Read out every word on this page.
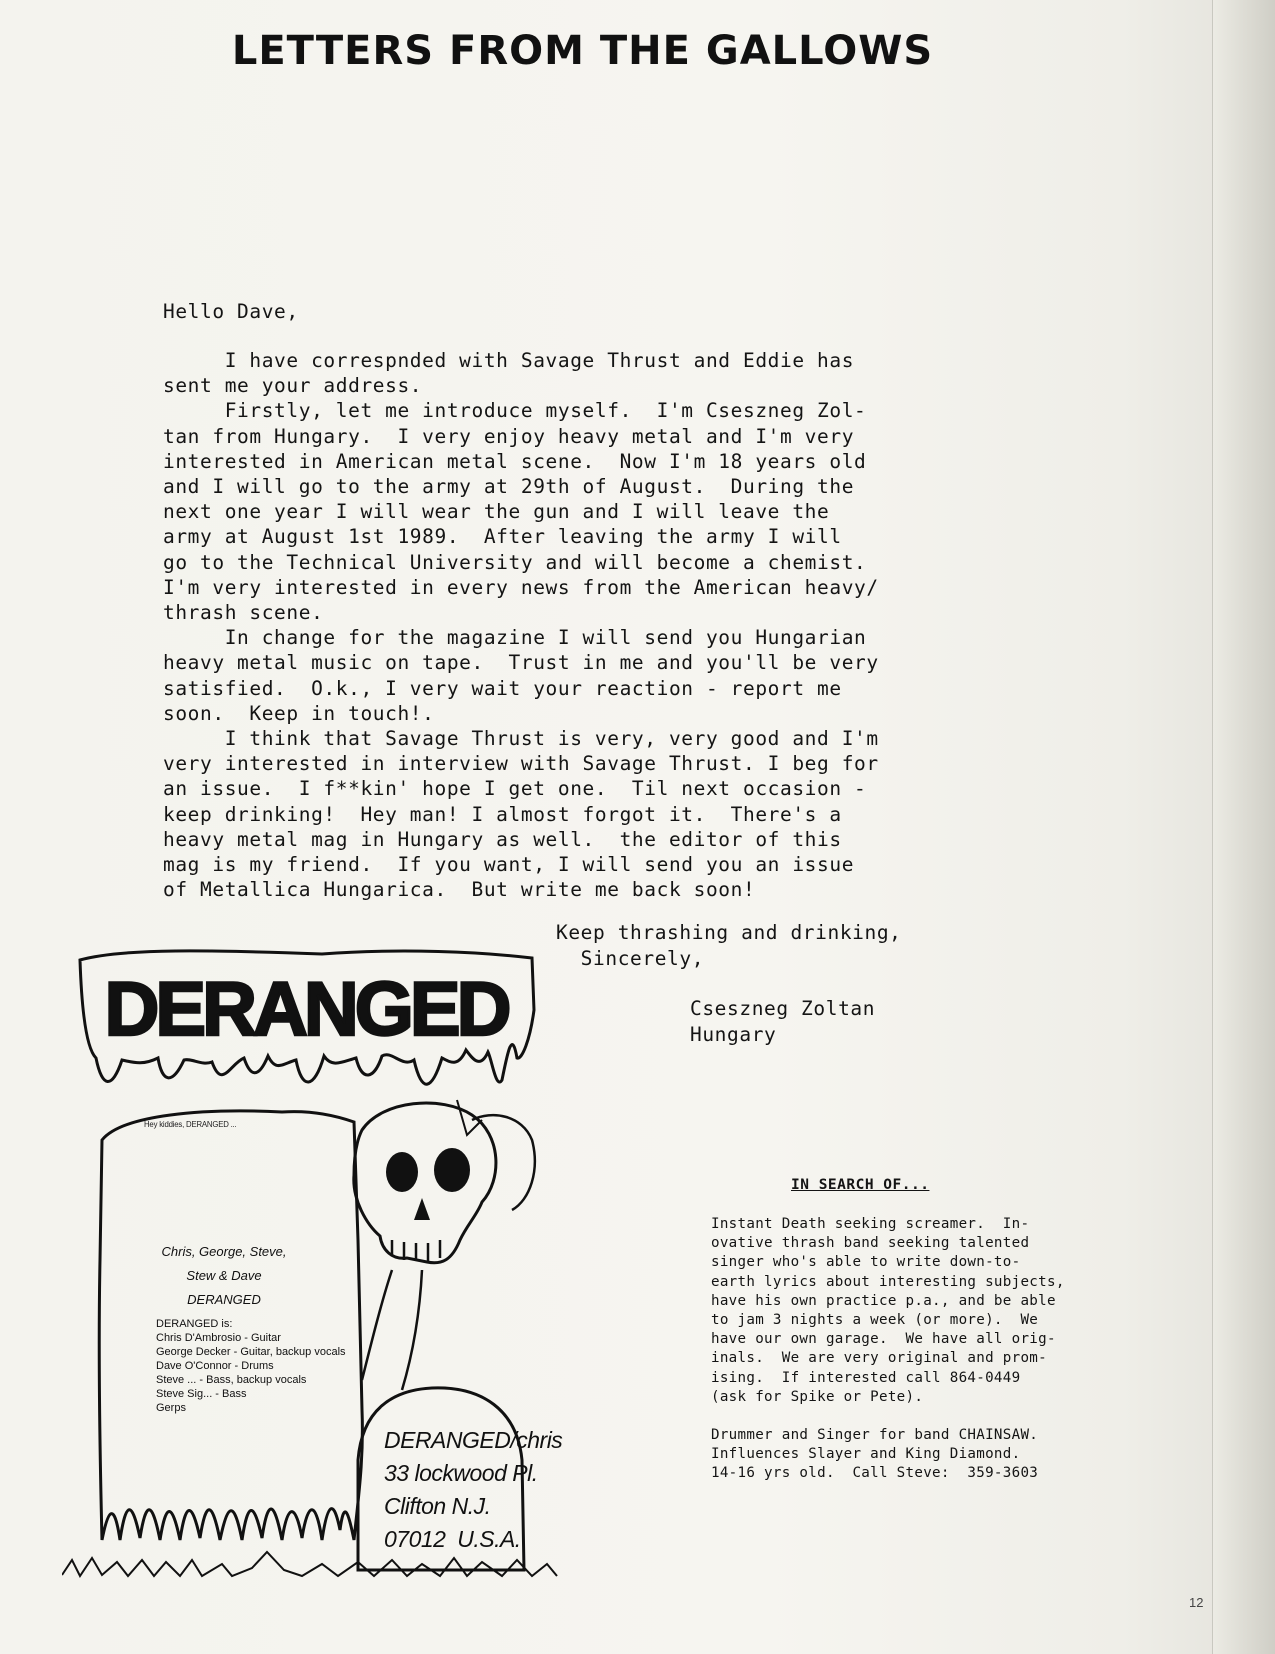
LETTERS FROM THE GALLOWS
Hello Dave,
I have correspnded with Savage Thrust and Eddie has
sent me your address.
Firstly, let me introduce myself.  I'm Cseszneg Zol-
tan from Hungary.  I very enjoy heavy metal and I'm very
interested in American metal scene.  Now I'm 18 years old
and I will go to the army at 29th of August.  During the
next one year I will wear the gun and I will leave the
army at August 1st 1989.  After leaving the army I will
go to the Technical University and will become a chemist.
I'm very interested in every news from the American heavy/
thrash scene.
In change for the magazine I will send you Hungarian
heavy metal music on tape.  Trust in me and you'll be very
satisfied.  O.k., I very wait your reaction - report me
soon.  Keep in touch!.
I think that Savage Thrust is very, very good and I'm
very interested in interview with Savage Thrust. I beg for
an issue.  I f**kin' hope I get one.  Til next occasion -
keep drinking!  Hey man! I almost forgot it.  There's a
heavy metal mag in Hungary as well.  the editor of this
mag is my friend.  If you want, I will send you an issue
of Metallica Hungarica.  But write me back soon!
Keep thrashing and drinking,
Sincerely,
Cseszneg Zoltan
Hungary
DERANGED
Hey kiddies, DERANGED ...
Chris, George, Steve,
Stew & Dave
DERANGED
DERANGED is:
Chris D'Ambrosio - Guitar
George Decker - Guitar, backup vocals
Dave O'Connor - Drums
Steve ... - Bass, backup vocals
Steve Sig... - Bass
Gerps
DERANGED/chris
33 lockwood Pl.
Clifton N.J.
07012  U.S.A.
IN SEARCH OF...
Instant Death seeking screamer.  In-
ovative thrash band seeking talented
singer who's able to write down-to-
earth lyrics about interesting subjects,
have his own practice p.a., and be able
to jam 3 nights a week (or more).  We
have our own garage.  We have all orig-
inals.  We are very original and prom-
ising.  If interested call 864-0449
(ask for Spike or Pete).
Drummer and Singer for band CHAINSAW.
Influences Slayer and King Diamond.
14-16 yrs old.  Call Steve:  359-3603
12
